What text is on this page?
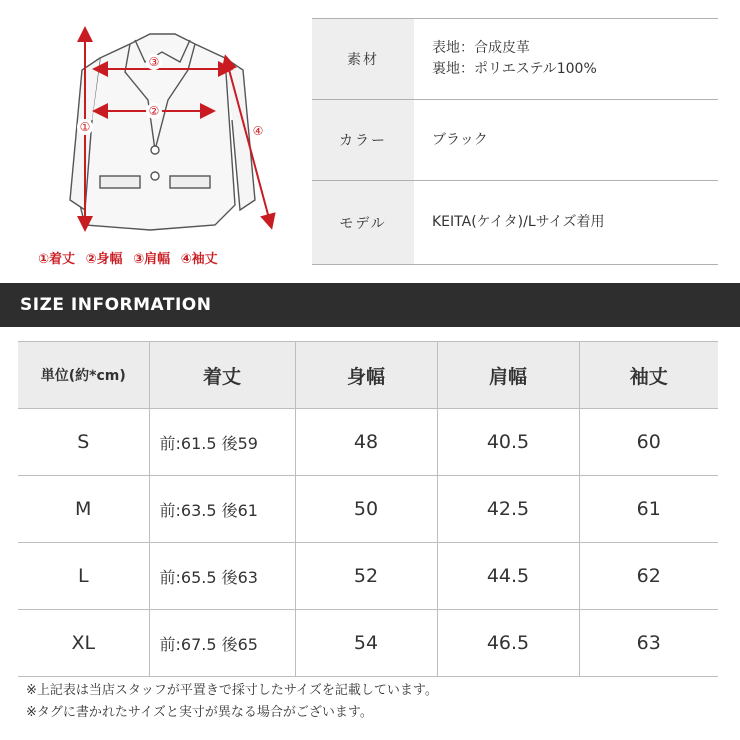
①
②
③
④
①着丈 ②身幅 ③肩幅 ④袖丈
素材	表地：合成皮革
裏地：ポリエステル100%

カラー	ブラック
モデル	KEITA(ケイタ)/Lサイズ着用
SIZE INFORMATION
単位(約*cm)	着丈	身幅	肩幅	袖丈
S	前:61.5 後59	48	40.5	60
M	前:63.5 後61	50	42.5	61
L	前:65.5 後63	52	44.5	62
XL	前:67.5 後65	54	46.5	63
※上記表は当店スタッフが平置きで採寸したサイズを記載しています。
※タグに書かれたサイズと実寸が異なる場合がございます。
